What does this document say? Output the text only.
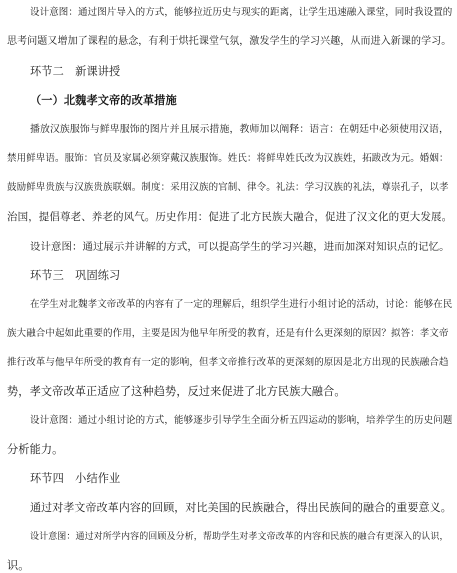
设计意图：通过图片导入的方式，能够拉近历史与现实的距离，让学生迅速融入课堂，同时我设置的
思考问题又增加了课程的悬念，有利于烘托课堂气氛，激发学生的学习兴趣，从而进入新课的学习。
环节二　新课讲授
（一）北魏孝文帝的改革措施
播放汉族服饰与鲜卑服饰的图片并且展示措施，教师加以阐释：语言：在朝廷中必须使用汉语，
禁用鲜卑语。服饰：官员及家属必须穿戴汉族服饰。姓氏：将鲜卑姓氏改为汉族姓，拓跋改为元。婚姻：
鼓励鲜卑贵族与汉族贵族联姻。制度：采用汉族的官制、律令。礼法：学习汉族的礼法，尊崇孔子，以孝
治国，提倡尊老、养老的风气。历史作用：促进了北方民族大融合，促进了汉文化的更大发展。
设计意图：通过展示并讲解的方式，可以提高学生的学习兴趣，进而加深对知识点的记忆。
环节三　巩固练习
在学生对北魏孝文帝改革的内容有了一定的理解后，组织学生进行小组讨论的活动，讨论：能够在民
族大融合中起如此重要的作用，主要是因为他早年所受的教育，还是有什么更深刻的原因？拟答：孝文帝
推行改革与他早年所受的教育有一定的影响，但孝文帝推行改革的更深刻的原因是北方出现的民族融合趋
势，孝文帝改革正适应了这种趋势，反过来促进了北方民族大融合。
设计意图：通过小组讨论的方式，能够逐步引导学生全面分析五四运动的影响，培养学生的历史问题
分析能力。
环节四　小结作业
通过对孝文帝改革内容的回顾，对比美国的民族融合，得出民族间的融合的重要意义。
设计意图：通过对所学内容的回顾及分析，帮助学生对孝文帝改革的内容和民族的融合有更深入的认识，
识。
